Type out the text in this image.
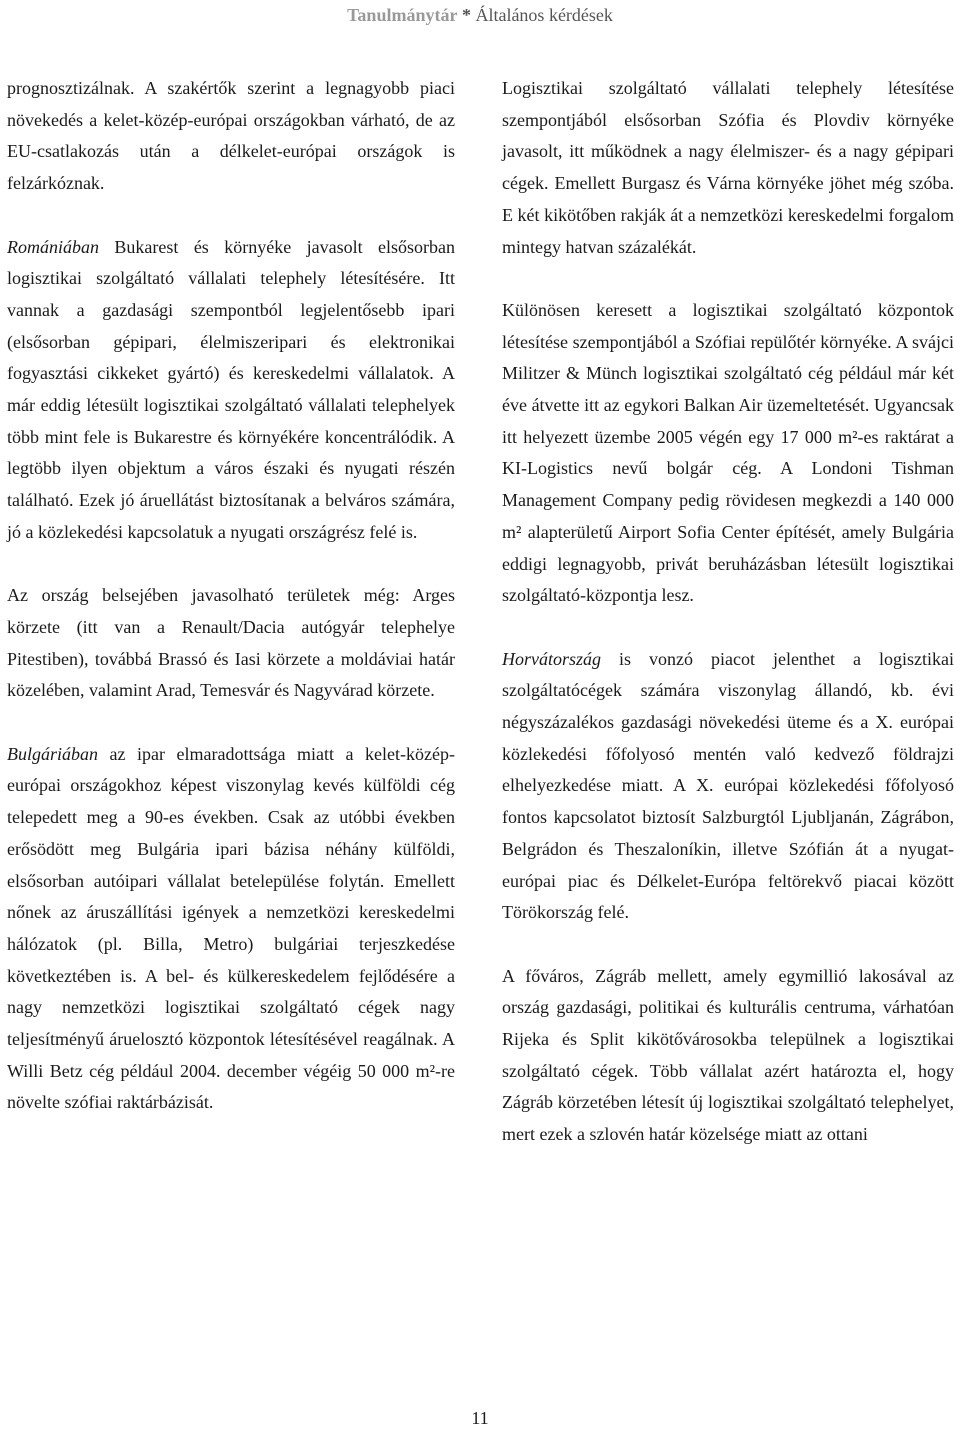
Tanulmánytár * Általános kérdések

prognosztizálnak. A szakértők szerint a legnagyobb piaci növekedés a kelet-közép-európai országokban várható, de az EU-csatlakozás után a délkelet-európai országok is felzárkóznak.

Romániában Bukarest és környéke javasolt elsősorban logisztikai szolgáltató vállalati telephely létesítésére. Itt vannak a gazdasági szempontból legjelentősebb ipari (elsősorban gépipari, élelmiszeripari és elektronikai fogyasztási cikkeket gyártó) és kereskedelmi vállalatok. A már eddig létesült logisztikai szolgáltató vállalati telephelyek több mint fele is Bukarestre és környékére koncentrálódik. A legtöbb ilyen objektum a város északi és nyugati részén található. Ezek jó áruellátást biztosítanak a belváros számára, jó a közlekedési kapcsolatuk a nyugati országrész felé is.

Az ország belsejében javasolható területek még: Arges körzete (itt van a Renault/Dacia autógyár telephelye Pitestiben), továbbá Brassó és Iasi körzete a moldáviai határ közelében, valamint Arad, Temesvár és Nagyvárad körzete.

Bulgáriában az ipar elmaradottsága miatt a kelet-közép-európai országokhoz képest viszonylag kevés külföldi cég telepedett meg a 90-es években. Csak az utóbbi években erősödött meg Bulgária ipari bázisa néhány külföldi, elsősorban autóipari vállalat betelepülése folytán. Emellett nőnek az áruszállítási igények a nemzetközi kereskedelmi hálózatok (pl. Billa, Metro) bulgáriai terjeszkedése következtében is. A bel- és külkereskedelem fejlődésére a nagy nemzetközi logisztikai szolgáltató cégek nagy teljesítményű áruelosztó központok létesítésével reagálnak. A Willi Betz cég például 2004. december végéig 50 000 m²-re növelte szófiai raktárbázisát.

Logisztikai szolgáltató vállalati telephely létesítése szempontjából elsősorban Szófia és Plovdiv környéke javasolt, itt működnek a nagy élelmiszer- és a nagy gépipari cégek. Emellett Burgasz és Várna környéke jöhet még szóba. E két kikötőben rakják át a nemzetközi kereskedelmi forgalom mintegy hatvan százalékát.

Különösen keresett a logisztikai szolgáltató központok létesítése szempontjából a Szófiai repülőtér környéke. A svájci Militzer & Münch logisztikai szolgáltató cég például már két éve átvette itt az egykori Balkan Air üzemeltetését. Ugyancsak itt helyezett üzembe 2005 végén egy 17 000 m²-es raktárat a KI-Logistics nevű bolgár cég. A Londoni Tishman Management Company pedig rövidesen megkezdi a 140 000 m² alapterületű Airport Sofia Center építését, amely Bulgária eddigi legnagyobb, privát beruházásban létesült logisztikai szolgáltató-központja lesz.

Horvátország is vonzó piacot jelenthet a logisztikai szolgáltatócégek számára viszonylag állandó, kb. évi négyszázalékos gazdasági növekedési üteme és a X. európai közlekedési főfolyosó mentén való kedvező földrajzi elhelyezkedése miatt. A X. európai közlekedési főfolyosó fontos kapcsolatot biztosít Salzburgtól Ljubljanán, Zágrábon, Belgrádon és Theszaloníkin, illetve Szófián át a nyugat-európai piac és Délkelet-Európa feltörekvő piacai között Törökország felé.

A főváros, Zágráb mellett, amely egymillió lakosával az ország gazdasági, politikai és kulturális centruma, várhatóan Rijeka és Split kikötővárosokba települnek a logisztikai szolgáltató cégek. Több vállalat azért határozta el, hogy Zágráb körzetében létesít új logisztikai szolgáltató telephelyet, mert ezek a szlovén határ közelsége miatt az ottani

11
